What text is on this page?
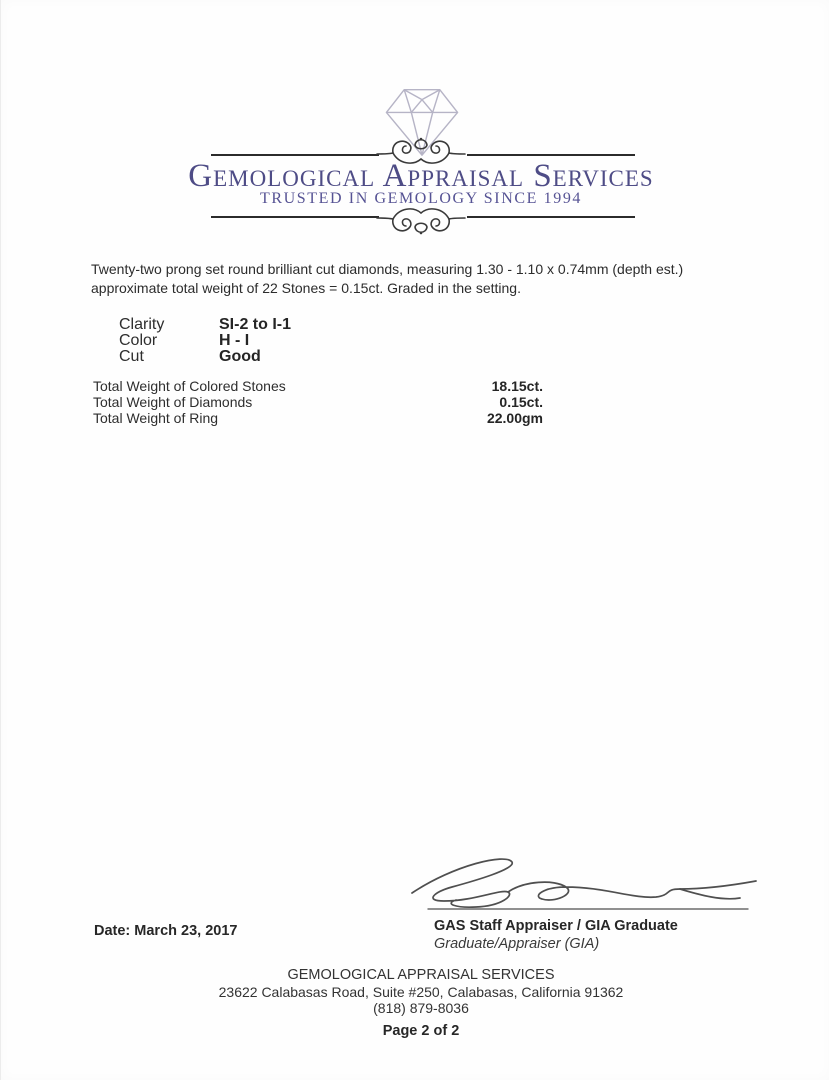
Gemological Appraisal Services
TRUSTED IN GEMOLOGY SINCE 1994
Twenty-two prong set round brilliant cut diamonds, measuring 1.30 - 1.10 x 0.74mm (depth est.)
approximate total weight of 22 Stones = 0.15ct. Graded in the setting.
Clarity	SI-2 to I-1
Color	H - I
Cut	Good
Total Weight of Colored Stones	18.15ct.
Total Weight of Diamonds	0.15ct.
Total Weight of Ring	22.00gm
GAS Staff Appraiser / GIA Graduate
Graduate/Appraiser (GIA)
Date: March 23, 2017
GEMOLOGICAL APPRAISAL SERVICES
23622 Calabasas Road, Suite #250, Calabasas, California 91362
(818) 879-8036
Page 2 of 2
